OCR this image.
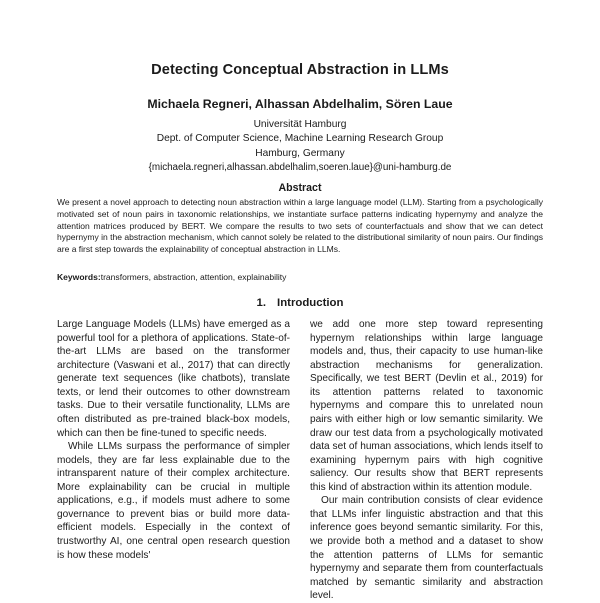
Detecting Conceptual Abstraction in LLMs
Michaela Regneri, Alhassan Abdelhalim, Sören Laue
Universität Hamburg
Dept. of Computer Science, Machine Learning Research Group
Hamburg, Germany
{michaela.regneri,alhassan.abdelhalim,soeren.laue}@uni-hamburg.de
Abstract

We present a novel approach to detecting noun abstraction within a large language model (LLM). Starting from a psychologically motivated set of noun pairs in taxonomic relationships, we instantiate surface patterns indicating hypernymy and analyze the attention matrices produced by BERT. We compare the results to two sets of counterfactuals and show that we can detect hypernymy in the abstraction mechanism, which cannot solely be related to the distributional similarity of noun pairs. Our findings are a first step towards the explainability of conceptual abstraction in LLMs.

Keywords:transformers, abstraction, attention, explainability

1. Introduction

Large Language Models (LLMs) have emerged as a powerful tool for a plethora of applications. State-of-the-art LLMs are based on the transformer architecture (Vaswani et al., 2017) that can directly generate text sequences (like chatbots), translate texts, or lend their outcomes to other downstream tasks. Due to their versatile functionality, LLMs are often distributed as pre-trained black-box models, which can then be fine-tuned to specific needs.

While LLMs surpass the performance of simpler models, they are far less explainable due to the intransparent nature of their complex architecture. More explainability can be crucial in multiple applications, e.g., if models must adhere to some governance to prevent bias or build more data-efficient models. Especially in the context of trustworthy AI, one central open research question is how these models'

we add one more step toward representing hypernym relationships within large language models and, thus, their capacity to use human-like abstraction mechanisms for generalization. Specifically, we test BERT (Devlin et al., 2019) for its attention patterns related to taxonomic hypernyms and compare this to unrelated noun pairs with either high or low semantic similarity. We draw our test data from a psychologically motivated data set of human associations, which lends itself to examining hypernym pairs with high cognitive saliency. Our results show that BERT represents this kind of abstraction within its attention module.

Our main contribution consists of clear evidence that LLMs infer linguistic abstraction and that this inference goes beyond semantic similarity. For this, we provide both a method and a dataset to show the attention patterns of LLMs for semantic hypernymy and separate them from counterfactuals matched by semantic similarity and abstraction level.
